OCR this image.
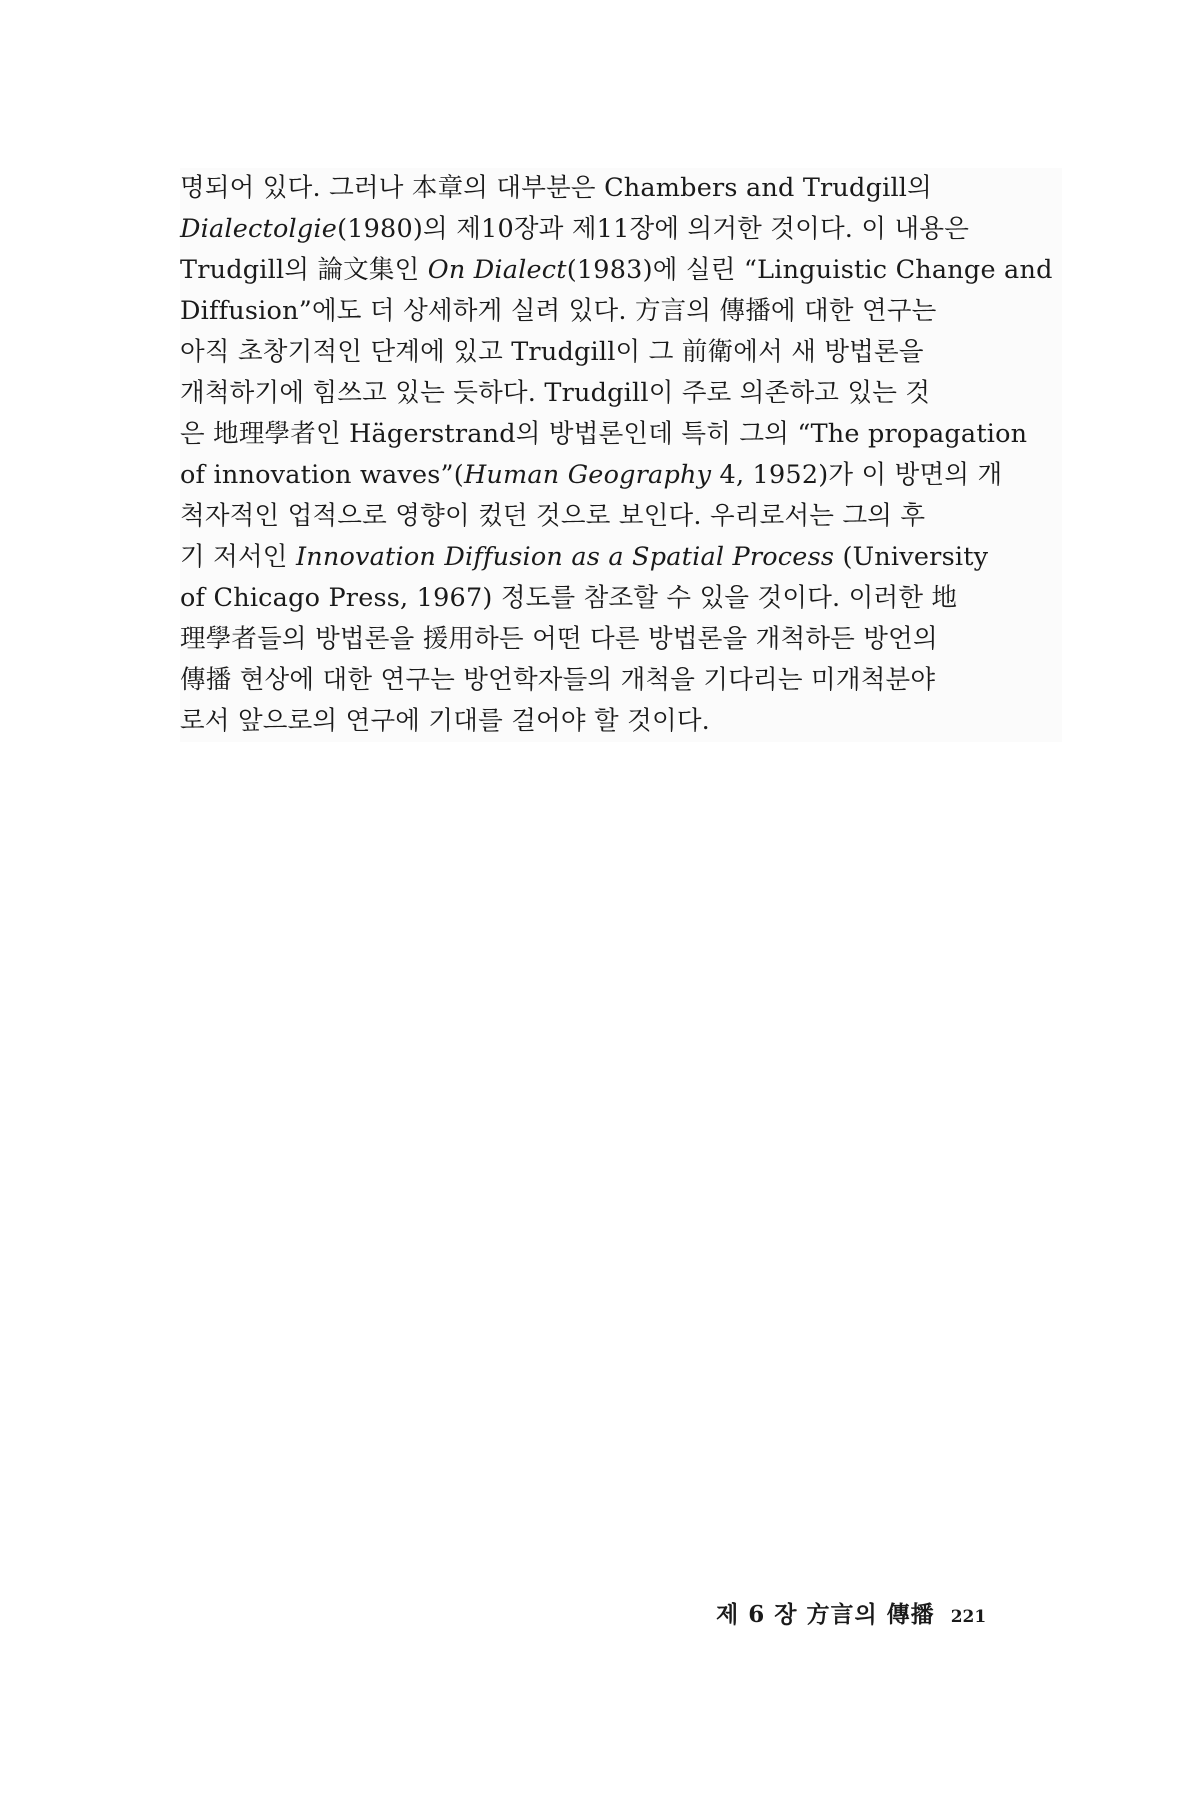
명되어 있다. 그러나 本章의 대부분은 Chambers and Trudgill의
Dialectolgie(1980)의 제10장과 제11장에 의거한 것이다. 이 내용은
Trudgill의 論文集인 On Dialect(1983)에 실린 “Linguistic Change and
Diffusion”에도 더 상세하게 실려 있다. 方言의 傳播에 대한 연구는
아직 초창기적인 단계에 있고 Trudgill이 그 前衛에서 새 방법론을
개척하기에 힘쓰고 있는 듯하다. Trudgill이 주로 의존하고 있는 것
은 地理學者인 Hägerstrand의 방법론인데 특히 그의 “The propagation
of innovation waves”(Human Geography 4, 1952)가 이 방면의 개
척자적인 업적으로 영향이 컸던 것으로 보인다. 우리로서는 그의 후
기 저서인 Innovation Diffusion as a Spatial Process (University
of Chicago Press, 1967) 정도를 참조할 수 있을 것이다. 이러한 地
理學者들의 방법론을 援用하든 어떤 다른 방법론을 개척하든 방언의
傳播 현상에 대한 연구는 방언학자들의 개척을 기다리는 미개척분야
로서 앞으로의 연구에 기대를 걸어야 할 것이다.
제 6 장 方言의 傳播 221
